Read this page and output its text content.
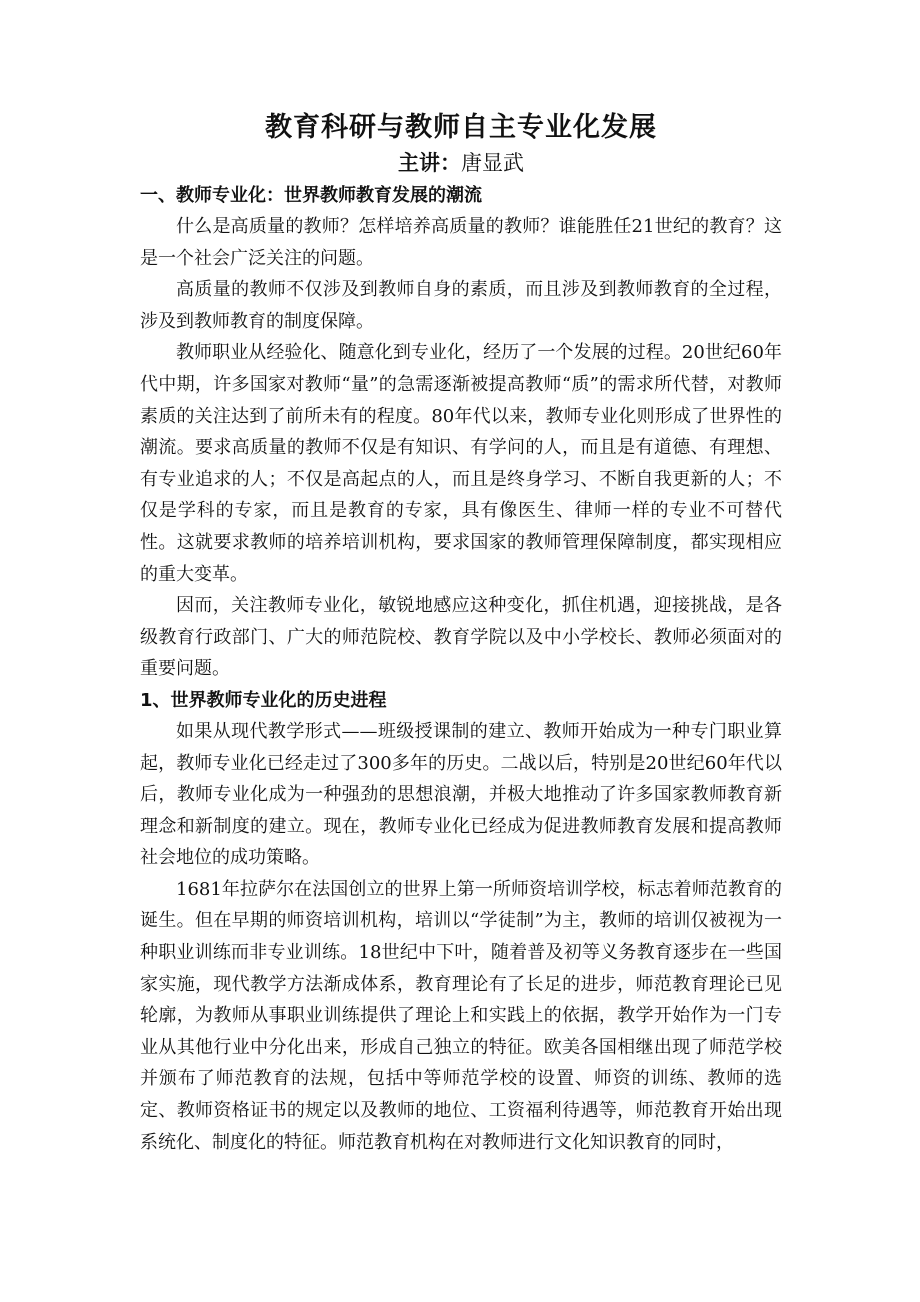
教育科研与教师自主专业化发展

主讲：唐显武

一、教师专业化：世界教师教育发展的潮流

什么是高质量的教师？怎样培养高质量的教师？谁能胜任21世纪的教育？这是一个社会广泛关注的问题。

高质量的教师不仅涉及到教师自身的素质，而且涉及到教师教育的全过程，涉及到教师教育的制度保障。

教师职业从经验化、随意化到专业化，经历了一个发展的过程。20世纪60年代中期，许多国家对教师“量”的急需逐渐被提高教师“质”的需求所代替，对教师素质的关注达到了前所未有的程度。80年代以来，教师专业化则形成了世界性的潮流。要求高质量的教师不仅是有知识、有学问的人，而且是有道德、有理想、有专业追求的人；不仅是高起点的人，而且是终身学习、不断自我更新的人；不仅是学科的专家，而且是教育的专家，具有像医生、律师一样的专业不可替代性。这就要求教师的培养培训机构，要求国家的教师管理保障制度，都实现相应的重大变革。

因而，关注教师专业化，敏锐地感应这种变化，抓住机遇，迎接挑战，是各级教育行政部门、广大的师范院校、教育学院以及中小学校长、教师必须面对的重要问题。

1、世界教师专业化的历史进程

如果从现代教学形式——班级授课制的建立、教师开始成为一种专门职业算起，教师专业化已经走过了300多年的历史。二战以后，特别是20世纪60年代以后，教师专业化成为一种强劲的思想浪潮，并极大地推动了许多国家教师教育新理念和新制度的建立。现在，教师专业化已经成为促进教师教育发展和提高教师社会地位的成功策略。

1681年拉萨尔在法国创立的世界上第一所师资培训学校，标志着师范教育的诞生。但在早期的师资培训机构，培训以“学徒制”为主，教师的培训仅被视为一种职业训练而非专业训练。18世纪中下叶，随着普及初等义务教育逐步在一些国家实施，现代教学方法渐成体系，教育理论有了长足的进步，师范教育理论已见轮廓，为教师从事职业训练提供了理论上和实践上的依据，教学开始作为一门专业从其他行业中分化出来，形成自己独立的特征。欧美各国相继出现了师范学校并颁布了师范教育的法规，包括中等师范学校的设置、师资的训练、教师的选定、教师资格证书的规定以及教师的地位、工资福利待遇等，师范教育开始出现系统化、制度化的特征。师范教育机构在对教师进行文化知识教育的同时，
